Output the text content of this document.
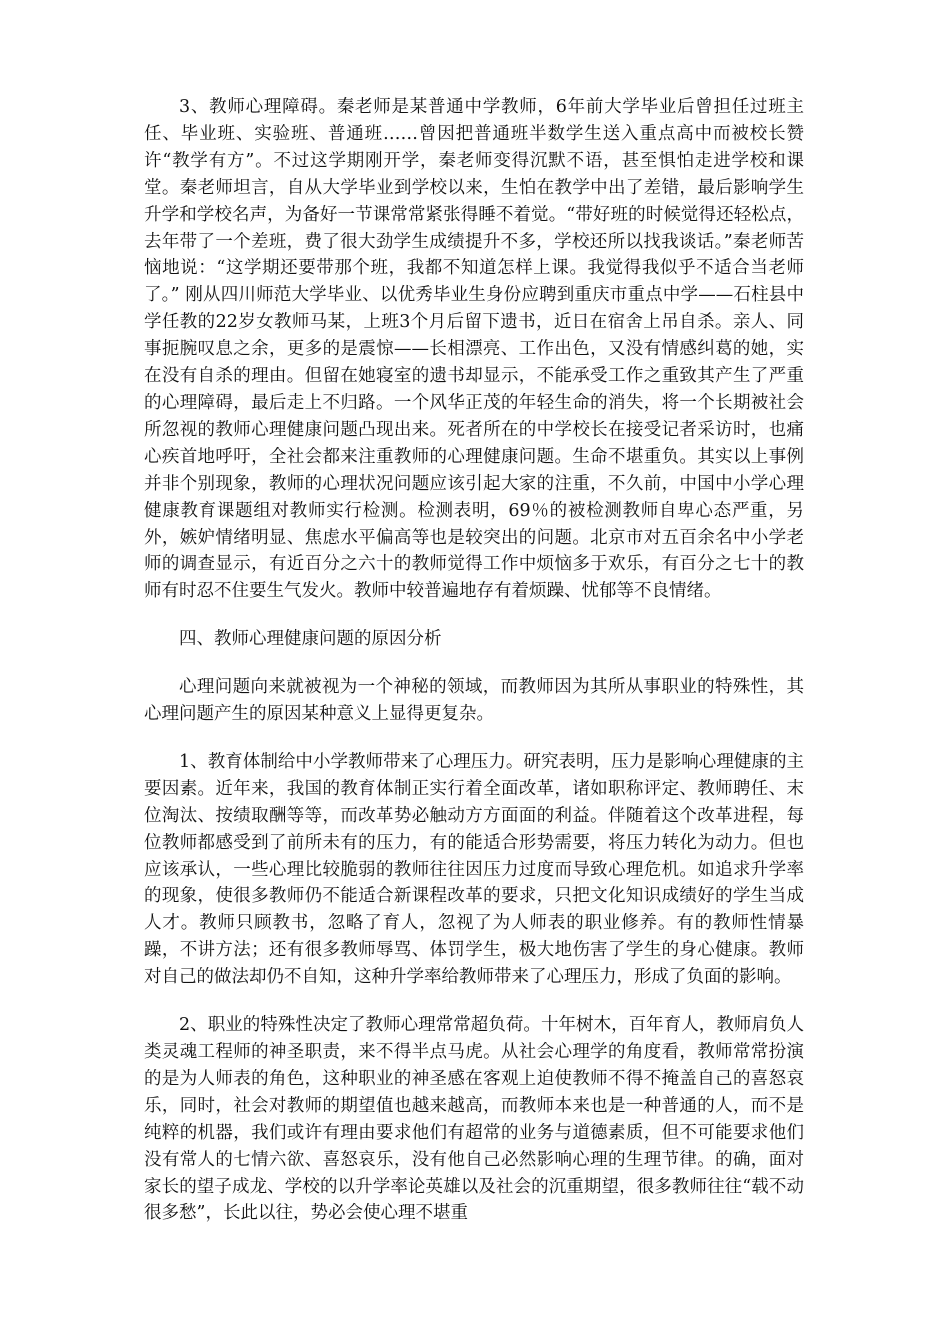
3、教师心理障碍。秦老师是某普通中学教师，6年前大学毕业后曾担任过班主任、毕业班、实验班、普通班……曾因把普通班半数学生送入重点高中而被校长赞许“教学有方”。不过这学期刚开学，秦老师变得沉默不语，甚至惧怕走进学校和课堂。秦老师坦言，自从大学毕业到学校以来，生怕在教学中出了差错，最后影响学生升学和学校名声，为备好一节课常常紧张得睡不着觉。“带好班的时候觉得还轻松点，去年带了一个差班，费了很大劲学生成绩提升不多，学校还所以找我谈话。”秦老师苦恼地说：“这学期还要带那个班，我都不知道怎样上课。我觉得我似乎不适合当老师了。” 刚从四川师范大学毕业、以优秀毕业生身份应聘到重庆市重点中学——石柱县中学任教的22岁女教师马某，上班3个月后留下遗书，近日在宿舍上吊自杀。亲人、同事扼腕叹息之余，更多的是震惊——长相漂亮、工作出色，又没有情感纠葛的她，实在没有自杀的理由。但留在她寝室的遗书却显示，不能承受工作之重致其产生了严重的心理障碍，最后走上不归路。一个风华正茂的年轻生命的消失，将一个长期被社会所忽视的教师心理健康问题凸现出来。死者所在的中学校长在接受记者采访时，也痛心疾首地呼吁，全社会都来注重教师的心理健康问题。生命不堪重负。其实以上事例并非个别现象，教师的心理状况问题应该引起大家的注重，不久前，中国中小学心理健康教育课题组对教师实行检测。检测表明，69％的被检测教师自卑心态严重，另外，嫉妒情绪明显、焦虑水平偏高等也是较突出的问题。北京市对五百余名中小学老师的调查显示，有近百分之六十的教师觉得工作中烦恼多于欢乐，有百分之七十的教师有时忍不住要生气发火。教师中较普遍地存有着烦躁、忧郁等不良情绪。

四、教师心理健康问题的原因分析

心理问题向来就被视为一个神秘的领域，而教师因为其所从事职业的特殊性，其心理问题产生的原因某种意义上显得更复杂。

1、教育体制给中小学教师带来了心理压力。研究表明，压力是影响心理健康的主要因素。近年来，我国的教育体制正实行着全面改革，诸如职称评定、教师聘任、末位淘汰、按绩取酬等等，而改革势必触动方方面面的利益。伴随着这个改革进程，每位教师都感受到了前所未有的压力，有的能适合形势需要，将压力转化为动力。但也应该承认，一些心理比较脆弱的教师往往因压力过度而导致心理危机。如追求升学率的现象，使很多教师仍不能适合新课程改革的要求，只把文化知识成绩好的学生当成人才。教师只顾教书，忽略了育人，忽视了为人师表的职业修养。有的教师性情暴躁，不讲方法；还有很多教师辱骂、体罚学生，极大地伤害了学生的身心健康。教师对自己的做法却仍不自知，这种升学率给教师带来了心理压力，形成了负面的影响。

2、职业的特殊性决定了教师心理常常超负荷。十年树木，百年育人，教师肩负人类灵魂工程师的神圣职责，来不得半点马虎。从社会心理学的角度看，教师常常扮演的是为人师表的角色，这种职业的神圣感在客观上迫使教师不得不掩盖自己的喜怒哀乐，同时，社会对教师的期望值也越来越高，而教师本来也是一种普通的人，而不是纯粹的机器，我们或许有理由要求他们有超常的业务与道德素质，但不可能要求他们没有常人的七情六欲、喜怒哀乐，没有他自己必然影响心理的生理节律。的确，面对家长的望子成龙、学校的以升学率论英雄以及社会的沉重期望，很多教师往往“载不动很多愁”，长此以往，势必会使心理不堪重
